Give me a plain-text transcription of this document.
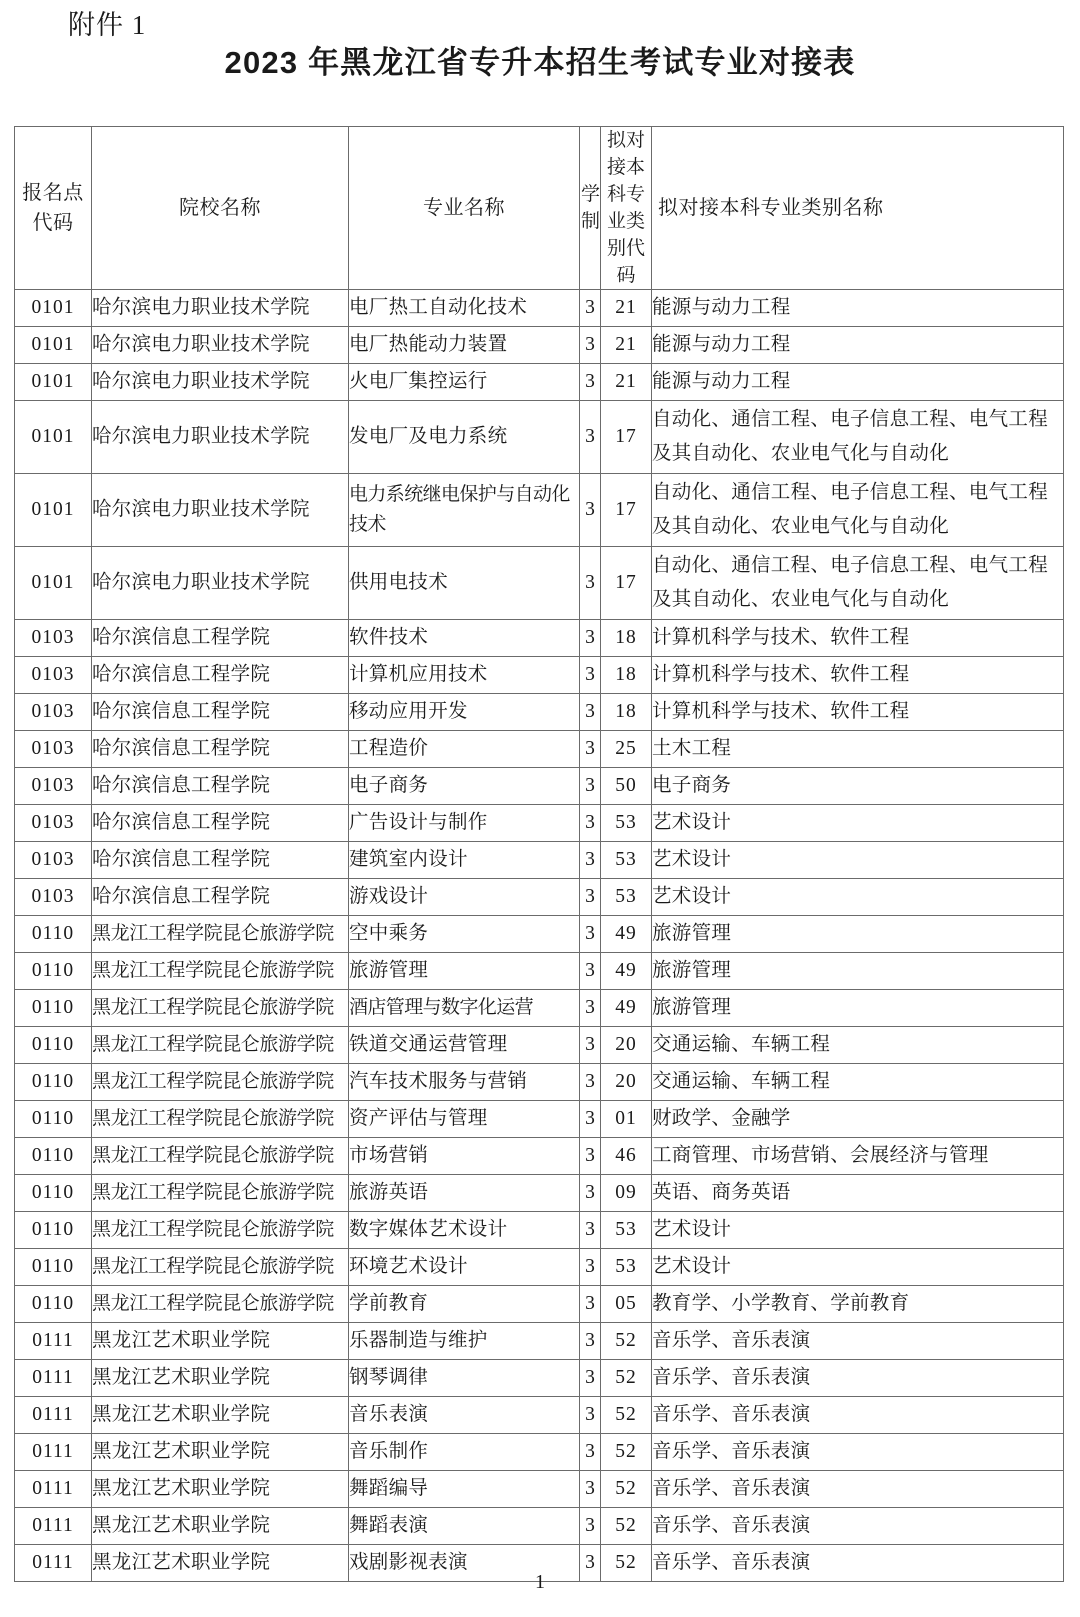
附件 1
2023 年黑龙江省专升本招生考试专业对接表
报名点代码	院校名称	专业名称	学制	拟对接本科专业类别代码	拟对接本科专业类别名称
0101	哈尔滨电力职业技术学院	电厂热工自动化技术	3	21	能源与动力工程
0101	哈尔滨电力职业技术学院	电厂热能动力装置	3	21	能源与动力工程
0101	哈尔滨电力职业技术学院	火电厂集控运行	3	21	能源与动力工程
0101	哈尔滨电力职业技术学院	发电厂及电力系统	3	17	自动化、通信工程、电子信息工程、电气工程及其自动化、农业电气化与自动化
0101	哈尔滨电力职业技术学院	电力系统继电保护与自动化技术	3	17	自动化、通信工程、电子信息工程、电气工程及其自动化、农业电气化与自动化
0101	哈尔滨电力职业技术学院	供用电技术	3	17	自动化、通信工程、电子信息工程、电气工程及其自动化、农业电气化与自动化
0103	哈尔滨信息工程学院	软件技术	3	18	计算机科学与技术、软件工程
0103	哈尔滨信息工程学院	计算机应用技术	3	18	计算机科学与技术、软件工程
0103	哈尔滨信息工程学院	移动应用开发	3	18	计算机科学与技术、软件工程
0103	哈尔滨信息工程学院	工程造价	3	25	土木工程
0103	哈尔滨信息工程学院	电子商务	3	50	电子商务
0103	哈尔滨信息工程学院	广告设计与制作	3	53	艺术设计
0103	哈尔滨信息工程学院	建筑室内设计	3	53	艺术设计
0103	哈尔滨信息工程学院	游戏设计	3	53	艺术设计
0110	黑龙江工程学院昆仑旅游学院	空中乘务	3	49	旅游管理
0110	黑龙江工程学院昆仑旅游学院	旅游管理	3	49	旅游管理
0110	黑龙江工程学院昆仑旅游学院	酒店管理与数字化运营	3	49	旅游管理
0110	黑龙江工程学院昆仑旅游学院	铁道交通运营管理	3	20	交通运输、车辆工程
0110	黑龙江工程学院昆仑旅游学院	汽车技术服务与营销	3	20	交通运输、车辆工程
0110	黑龙江工程学院昆仑旅游学院	资产评估与管理	3	01	财政学、金融学
0110	黑龙江工程学院昆仑旅游学院	市场营销	3	46	工商管理、市场营销、会展经济与管理
0110	黑龙江工程学院昆仑旅游学院	旅游英语	3	09	英语、商务英语
0110	黑龙江工程学院昆仑旅游学院	数字媒体艺术设计	3	53	艺术设计
0110	黑龙江工程学院昆仑旅游学院	环境艺术设计	3	53	艺术设计
0110	黑龙江工程学院昆仑旅游学院	学前教育	3	05	教育学、小学教育、学前教育
0111	黑龙江艺术职业学院	乐器制造与维护	3	52	音乐学、音乐表演
0111	黑龙江艺术职业学院	钢琴调律	3	52	音乐学、音乐表演
0111	黑龙江艺术职业学院	音乐表演	3	52	音乐学、音乐表演
0111	黑龙江艺术职业学院	音乐制作	3	52	音乐学、音乐表演
0111	黑龙江艺术职业学院	舞蹈编导	3	52	音乐学、音乐表演
0111	黑龙江艺术职业学院	舞蹈表演	3	52	音乐学、音乐表演
0111	黑龙江艺术职业学院	戏剧影视表演	3	52	音乐学、音乐表演
1
